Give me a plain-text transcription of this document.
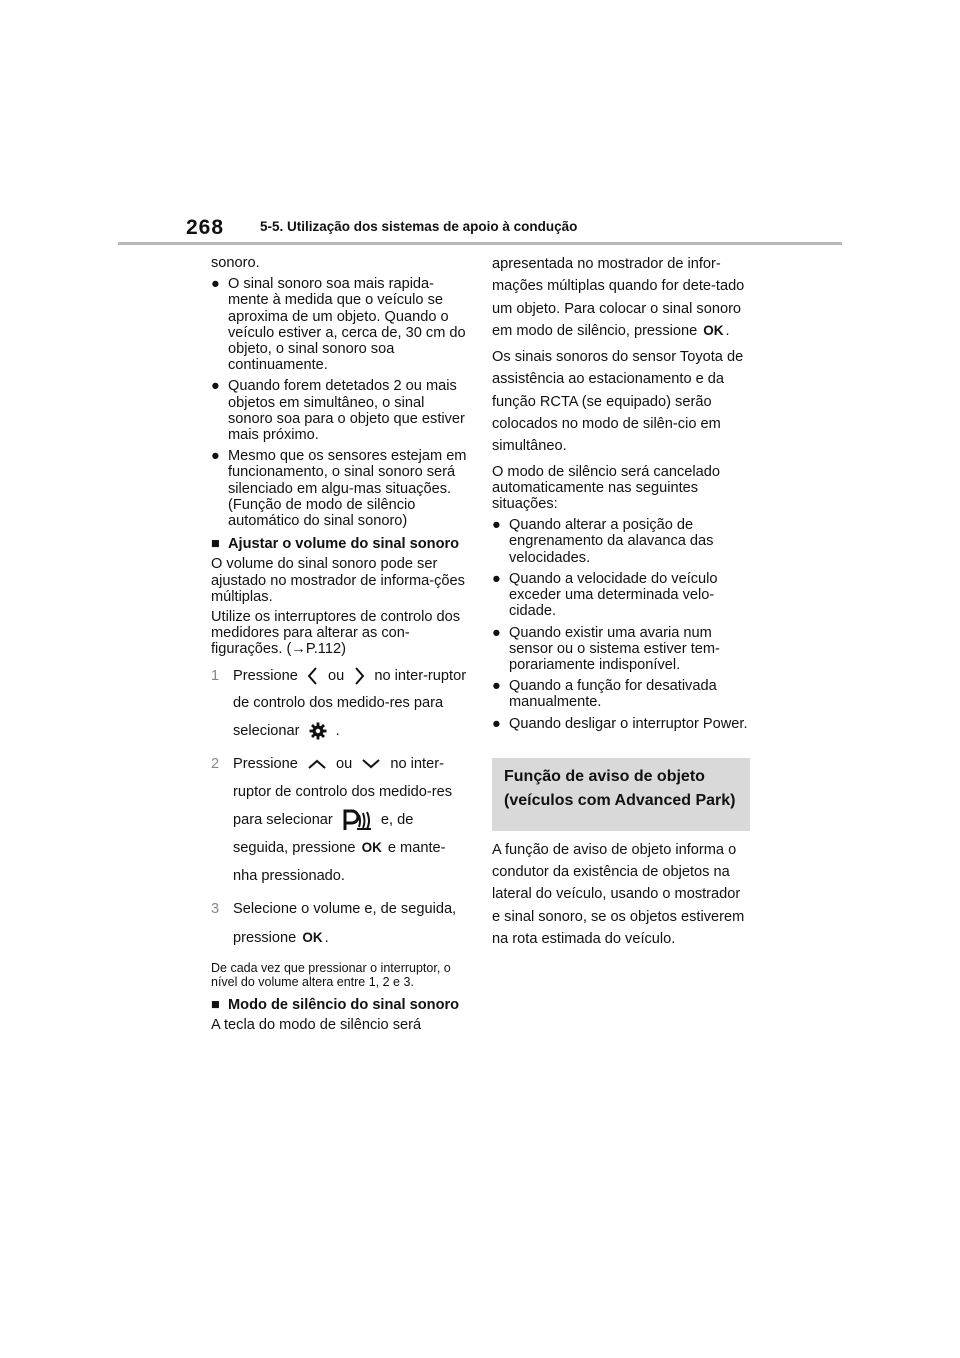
268	5-5. Utilização dos sistemas de apoio à condução

sonoro.

● O sinal sonoro soa mais rapida-mente à medida que o veículo se aproxima de um objeto. Quando o veículo estiver a, cerca de, 30 cm do objeto, o sinal sonoro soa continuamente.
● Quando forem detetados 2 ou mais objetos em simultâneo, o sinal sonoro soa para o objeto que estiver mais próximo.
● Mesmo que os sensores estejam em funcionamento, o sinal sonoro será silenciado em algu-mas situações.(Função de modo de silêncio automático do sinal sonoro)
■ Ajustar o volume do sinal sonoro

O volume do sinal sonoro pode ser ajustado no mostrador de informa-ções múltiplas.

Utilize os interruptores de controlo dos medidores para alterar as con-figurações. (→P.112)

1 Pressione ou no inter-ruptor de controlo dos medido-res para selecionar .
2 Pressione	ou	no inter-ruptor de controlo dos medido-res para selecionar	e, de seguida, pressione OK e mante-nha pressionado.
3 Selecione o volume e, de seguida, pressione OK .

De cada vez que pressionar o interruptor, o nível do volume altera entre 1, 2 e 3.

■ Modo de silêncio do sinal sonoro

A tecla do modo de silêncio será

apresentada no mostrador de infor-mações múltiplas quando for dete-tado um objeto. Para colocar o sinal sonoro em modo de silêncio, pressione OK .

Os sinais sonoros do sensor Toyota de assistência ao estacionamento e da função RCTA (se equipado) serão colocados no modo de silên-cio em simultâneo.

O modo de silêncio será cancelado automaticamente nas seguintes situações:

● Quando alterar a posição de engrenamento da alavanca das velocidades.
● Quando a velocidade do veículo exceder uma determinada velo-cidade.
● Quando existir uma avaria num sensor ou o sistema estiver tem-porariamente indisponível.
● Quando a função for desativada manualmente.
● Quando desligar o interruptor Power.
Função de aviso de objeto (veículos com Advanced Park)

A função de aviso de objeto informa o condutor da existência de objetos na lateral do veículo, usando o mostrador e sinal sonoro, se os objetos estiverem na rota estimada do veículo.
